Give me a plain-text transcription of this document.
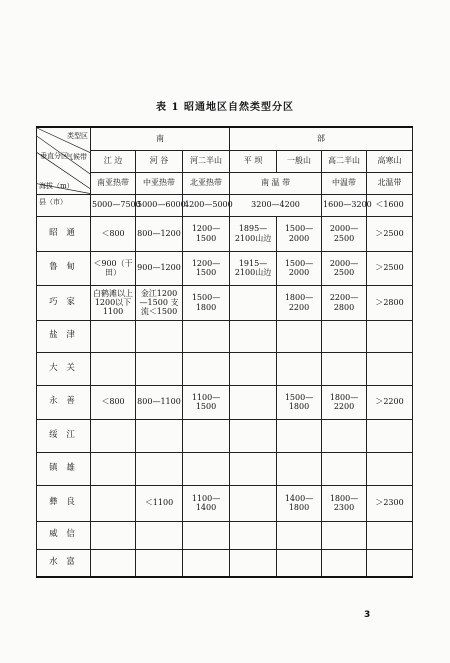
表 1 昭通地区自然类型分区
类型区
气候带
垂直分区
海拔（m）
县（市）	南			部			
	江 边	河 谷	河二半山	平 坝	一般山	高二半山	高寒山
	南亚热带	中亚热带	北亚热带	南 温 带		中温带	北温带
	5000—7500	5000—6000	4200—5000	3200—4200		1600—3200	＜1600
昭 通	＜800	800—1200	1200—1500	1895—2100山边	1500—2000	2000—2500	＞2500
鲁 甸	＜900（干田）	900—1200	1200—1500	1915—2100山边	1500—2000	2000—2500	＞2500
巧 家	白鹤滩以上1200以下1100	金江1200—1500 支流＜1500	1500—1800		1800—2200	2200—2800	＞2800
盐 津							
大 关							
永 善	＜800	800—1100	1100—1500		1500—1800	1800—2200	＞2200
绥 江							
镇 雄							
彝 良		＜1100	1100—1400		1400—1800	1800—2300	＞2300
威 信							
水 富							
3
